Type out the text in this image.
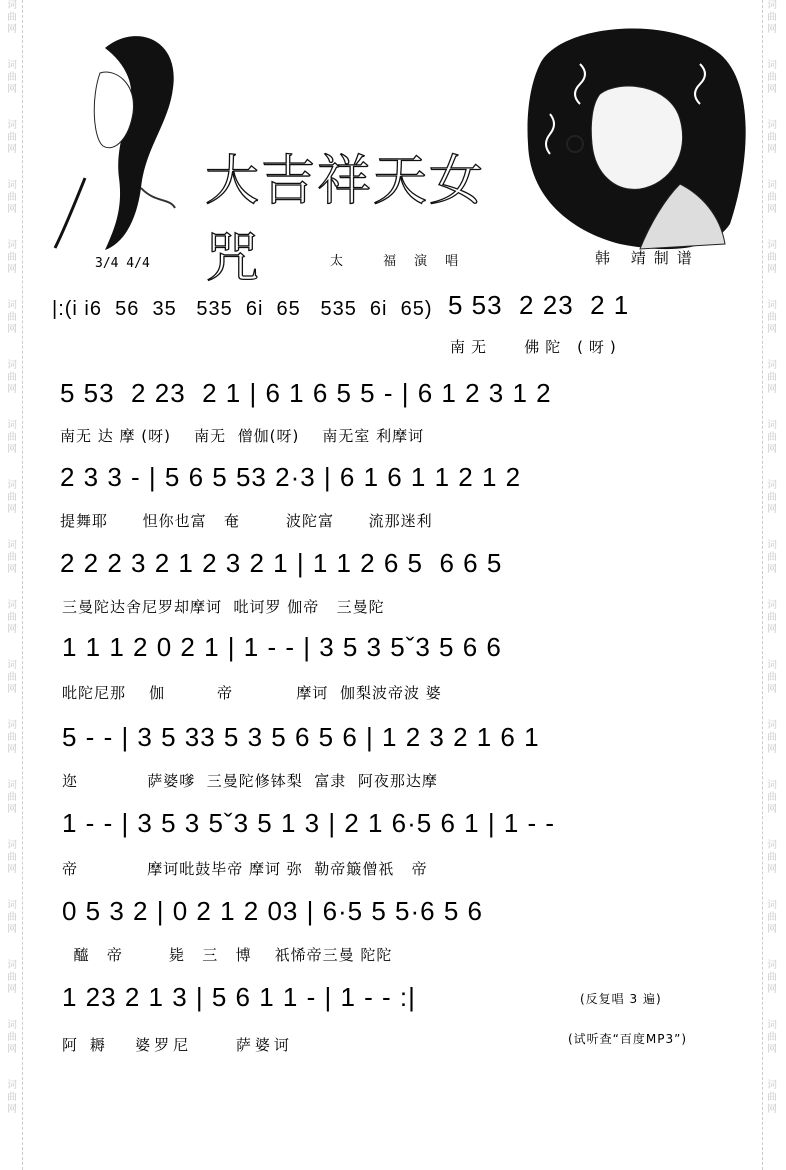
词
曲
网
词
曲
网
词
曲
网
词
曲
网
词
曲
网
词
曲
网
词
曲
网
词
曲
网
词
曲
网
词
曲
网
词
曲
网
词
曲
网
词
曲
网
词
曲
网
词
曲
网
词
曲
网
词
曲
网
词
曲
网
词
曲
网
词
曲
网
词
曲
网
词
曲
网
词
曲
网
词
曲
网
词
曲
网
词
曲
网
词
曲
网
词
曲
网
词
曲
网
词
曲
网
词
曲
网
词
曲
网
词
曲
网
词
曲
网
词
曲
网
词
曲
网
词
曲
网
词
曲
网
大吉祥天女咒
3/4 4/4	太 福演唱	韩 靖制谱
|:(i i6  56  35   535  6i  65   535  6i  65) 5 53  2 23  2 1
南无   佛陀 (呀)
5 53  2 23  2 1 | 6 1 6 5 5 - | 6 1 2 3 1 2
南无 达 摩 (呀)    南无  僧伽(呀)    南无室 利摩诃
2 3 3 - | 5 6 5 53 2·3 | 6 1 6 1 1 2 1 2
提舞耶      怛你也富   奄        波陀富      流那迷利
2 2 2 3 2 1 2 3 2 1 | 1 1 2 6 5  6 6 5
三曼陀达舍尼罗却摩诃  吡诃罗 伽帝   三曼陀
1 1 1 2 0 2 1 | 1 - - | 3 5 3 5ˇ3 5 6 6
吡陀尼那    伽         帝           摩诃  伽梨波帝波 婆
5 - - | 3 5 33 5 3 5 6 5 6 | 1 2 3 2 1 6 1
迩            萨婆嗲  三曼陀修钵梨  富隶  阿夜那达摩
1 - - | 3 5 3 5ˇ3 5 1 3 | 2 1 6·5 6 1 | 1 - -
帝            摩诃吡鼓毕帝 摩诃 弥  勒帝簸僧祇   帝
0 5 3 2 | 0 2 1 2 03 | 6·5 5 5·6 5 6
醯   帝        毙   三   博    祇悕帝三曼 陀陀
1 23 2 1 3 | 5 6 1 1 - | 1 - - :|
阿 耨   婆罗尼     萨婆诃
(反复唱 3 遍)
(试听查“百度MP3”)
